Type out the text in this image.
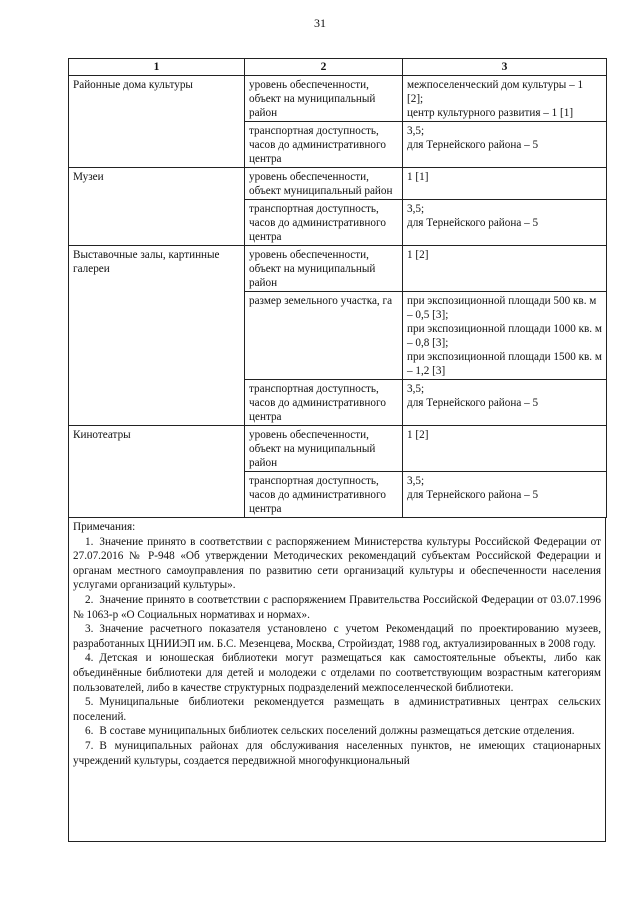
31
1	2	3
Районные дома культуры	уровень обеспеченности, объект на муниципальный район	межпоселенческий дом культуры – 1 [2];
центр культурного развития – 1 [1]

	транспортная доступность, часов до административного центра	3,5;
для Тернейского района – 5

Музеи	уровень обеспеченности, объект муниципальный район	1 [1]

	транспортная доступность, часов до административного центра	3,5;
для Тернейского района – 5

Выставочные залы, картинные галереи	уровень обеспеченности, объект на муниципальный район	1 [2]

	размер земельного участка, га	при экспозиционной площади 500 кв. м – 0,5 [3];
при экспозиционной площади 1000 кв. м – 0,8 [3];
при экспозиционной площади 1500 кв. м – 1,2 [3]

	транспортная доступность, часов до административного центра	3,5;
для Тернейского района – 5

Кинотеатры	уровень обеспеченности, объект на муниципальный район	1 [2]

	транспортная доступность, часов до административного центра	3,5;
для Тернейского района – 5

Примечания:

1. Значение принято в соответствии с распоряжением Министерства культуры Российской Федерации от 27.07.2016 № Р-948 «Об утверждении Методических рекомендаций субъектам Российской Федерации и органам местного самоуправления по развитию сети организаций культуры и обеспеченности населения услугами организаций культуры».

2. Значение принято в соответствии с распоряжением Правительства Российской Федерации от 03.07.1996 № 1063-р «О Социальных нормативах и нормах».

3. Значение расчетного показателя установлено с учетом Рекомендаций по проектированию музеев, разработанных ЦНИИЭП им. Б.С. Мезенцева, Москва, Стройиздат, 1988 год, актуализированных в 2008 году.

4. Детская и юношеская библиотеки могут размещаться как самостоятельные объекты, либо как объединённые библиотеки для детей и молодежи с отделами по соответствующим возрастным категориям пользователей, либо в качестве структурных подразделений межпоселенческой библиотеки.

5. Муниципальные библиотеки рекомендуется размещать в административных центрах сельских поселений.

6. В составе муниципальных библиотек сельских поселений должны размещаться детские отделения.

7. В муниципальных районах для обслуживания населенных пунктов, не имеющих стационарных учреждений культуры, создается передвижной многофункциональный
